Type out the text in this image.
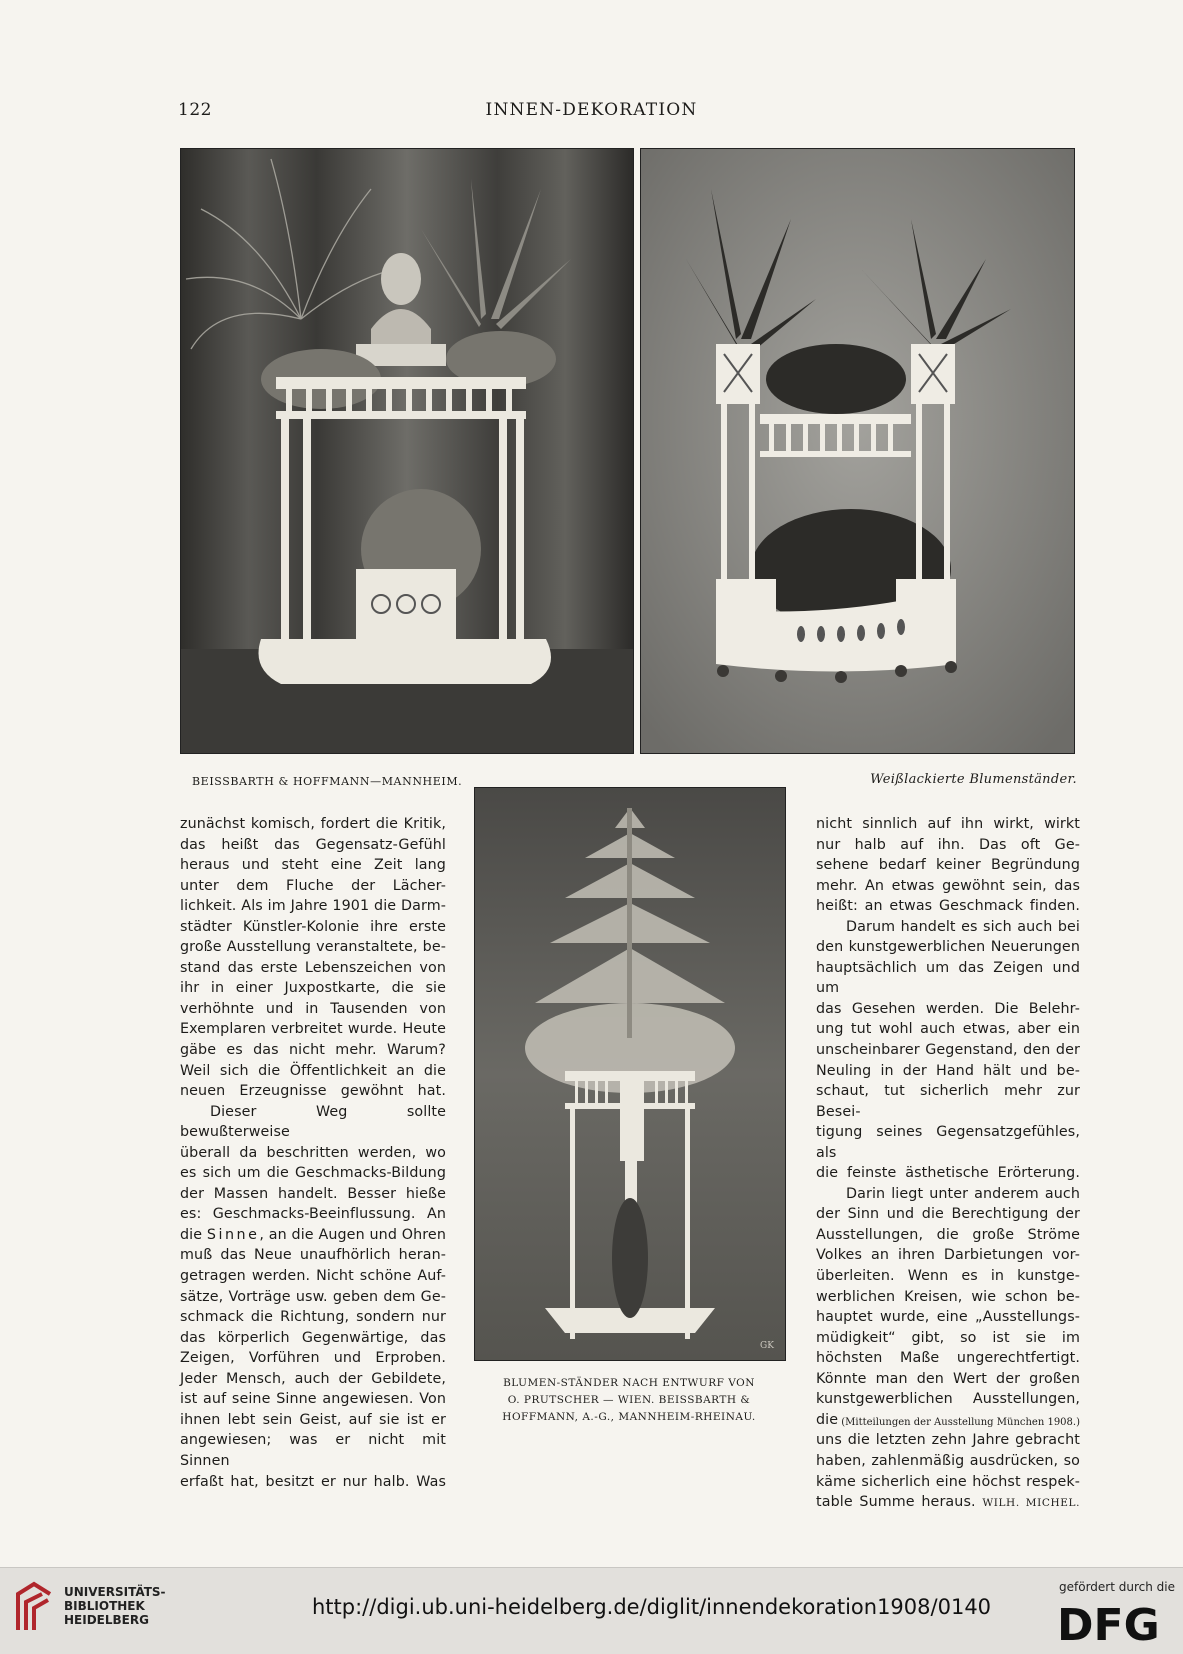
122	INNEN-DEKORATION
GK
BEISSBARTH & HOFFMANN—MANNHEIM.	Weißlackierte Blumenständer.
BLUMEN-STÄNDER NACH ENTWURF VON
O. PRUTSCHER — WIEN. BEISSBARTH &
HOFFMANN, A.-G., MANNHEIM-RHEINAU.

zunächst komisch, fordert die Kritik,

das heißt das Gegensatz-Gefühl

heraus und steht eine Zeit lang

unter dem Fluche der Lächer-

lichkeit. Als im Jahre 1901 die Darm-

städter Künstler-Kolonie ihre erste

große Ausstellung veranstaltete, be-

stand das erste Lebenszeichen von

ihr in einer Juxpostkarte, die sie

verhöhnte und in Tausenden von

Exemplaren verbreitet wurde. Heute

gäbe es das nicht mehr. Warum?

Weil sich die Öffentlichkeit an die

neuen Erzeugnisse gewöhnt hat.

Dieser Weg sollte bewußterweise

überall da beschritten werden, wo

es sich um die Geschmacks-Bildung

der Massen handelt. Besser hieße

es: Geschmacks-Beeinflussung. An

die Sinne, an die Augen und Ohren

muß das Neue unaufhörlich heran-

getragen werden. Nicht schöne Auf-

sätze, Vorträge usw. geben dem Ge-

schmack die Richtung, sondern nur

das körperlich Gegenwärtige, das

Zeigen, Vorführen und Erproben.

Jeder Mensch, auch der Gebildete,

ist auf seine Sinne angewiesen. Von

ihnen lebt sein Geist, auf sie ist er

angewiesen; was er nicht mit Sinnen

erfaßt hat, besitzt er nur halb. Was

nicht sinnlich auf ihn wirkt, wirkt

nur halb auf ihn. Das oft Ge-

sehene bedarf keiner Begründung

mehr. An etwas gewöhnt sein, das

heißt: an etwas Geschmack finden.

Darum handelt es sich auch bei

den kunstgewerblichen Neuerungen

hauptsächlich um das Zeigen und um

das Gesehen werden. Die Belehr-

ung tut wohl auch etwas, aber ein

unscheinbarer Gegenstand, den der

Neuling in der Hand hält und be-

schaut, tut sicherlich mehr zur Besei-

tigung seines Gegensatzgefühles, als

die feinste ästhetische Erörterung.

Darin liegt unter anderem auch

der Sinn und die Berechtigung der

Ausstellungen, die große Ströme

Volkes an ihren Darbietungen vor-

überleiten. Wenn es in kunstge-

werblichen Kreisen, wie schon be-

hauptet wurde, eine „Ausstellungs-

müdigkeit“ gibt, so ist sie im

höchsten Maße ungerechtfertigt.

Könnte man den Wert der großen

kunstgewerblichen Ausstellungen, die

uns die letzten zehn Jahre gebracht

haben, zahlenmäßig ausdrücken, so

käme sicherlich eine höchst respek-

table Summe heraus. WILH. MICHEL.

(Mitteilungen der Ausstellung München 1908.)
UNIVERSITÄTS-
BIBLIOTHEK
HEIDELBERG
http://digi.ub.uni-heidelberg.de/diglit/innendekoration1908/0140
gefördert durch die
DFG
